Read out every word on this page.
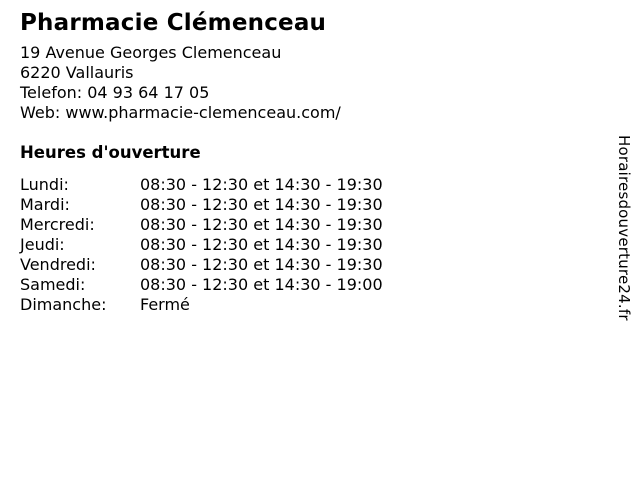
Pharmacie Clémenceau
19 Avenue Georges Clemenceau
6220 Vallauris
Telefon: 04 93 64 17 05
Web: www.pharmacie-clemenceau.com/
Heures d'ouverture
Lundi:	08:30 - 12:30 et 14:30 - 19:30
Mardi:	08:30 - 12:30 et 14:30 - 19:30
Mercredi:	08:30 - 12:30 et 14:30 - 19:30
Jeudi:	08:30 - 12:30 et 14:30 - 19:30
Vendredi:	08:30 - 12:30 et 14:30 - 19:30
Samedi:	08:30 - 12:30 et 14:30 - 19:00
Dimanche:	Fermé	Horairesdouverture24.fr
